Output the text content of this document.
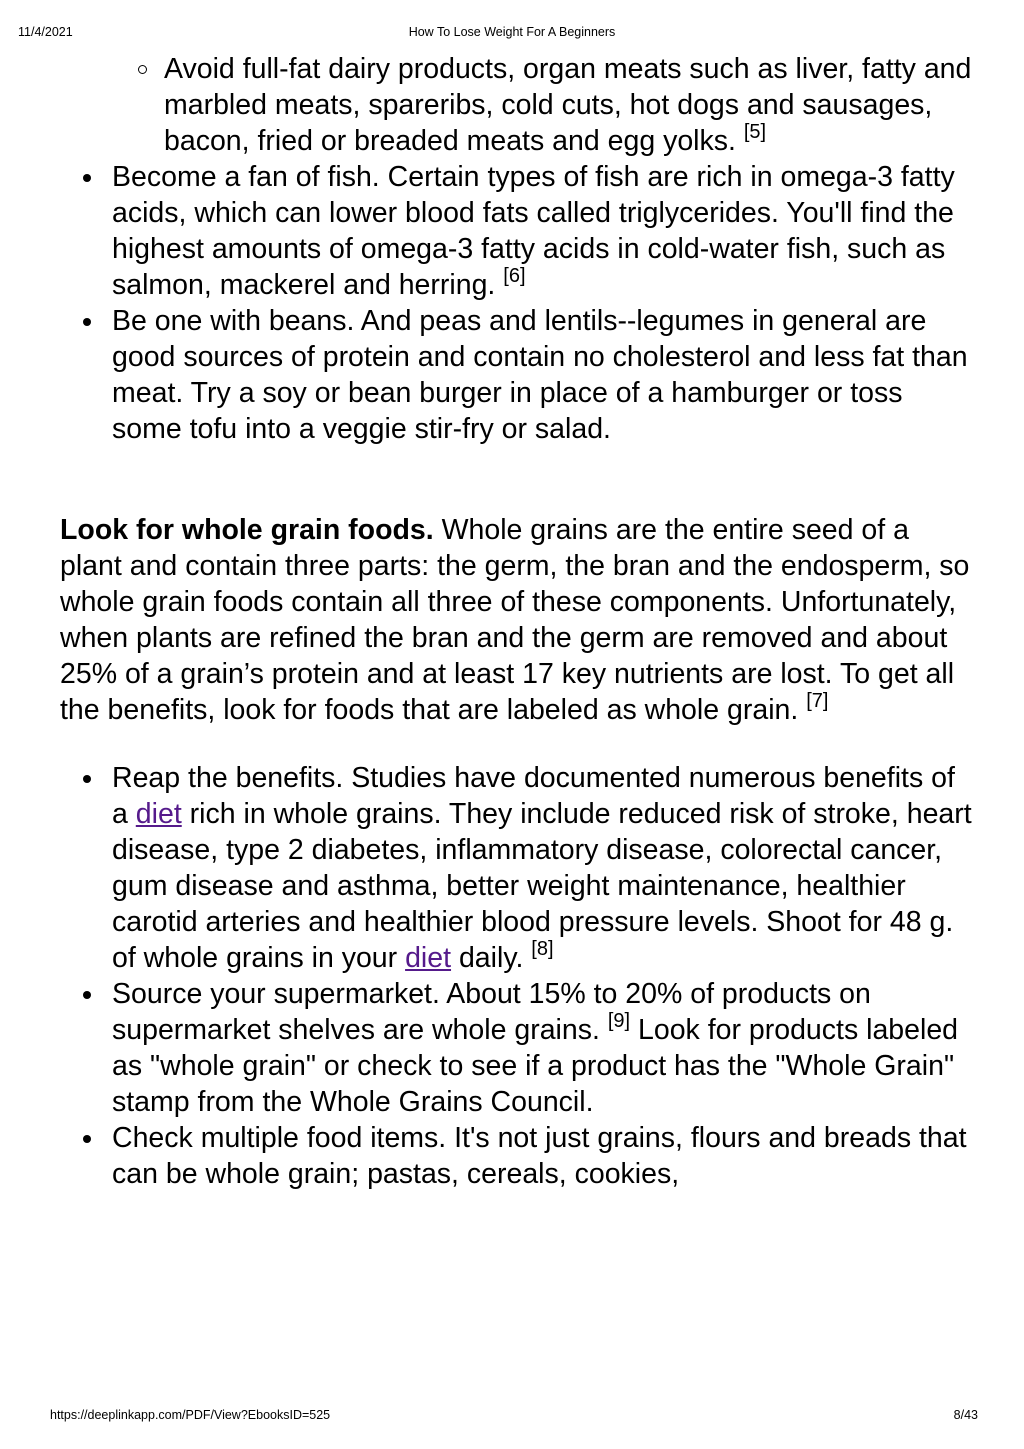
11/4/2021	How To Lose Weight For A Beginners
Avoid full-fat dairy products, organ meats such as liver, fatty and marbled meats, spareribs, cold cuts, hot dogs and sausages, bacon, fried or breaded meats and egg yolks. [5]
Become a fan of fish. Certain types of fish are rich in omega-3 fatty acids, which can lower blood fats called triglycerides. You'll find the highest amounts of omega-3 fatty acids in cold-water fish, such as salmon, mackerel and herring. [6]
Be one with beans. And peas and lentils--legumes in general are good sources of protein and contain no cholesterol and less fat than meat. Try a soy or bean burger in place of a hamburger or toss some tofu into a veggie stir-fry or salad.

Look for whole grain foods. Whole grains are the entire seed of a plant and contain three parts: the germ, the bran and the endosperm, so whole grain foods contain all three of these components. Unfortunately, when plants are refined the bran and the germ are removed and about 25% of a grain’s protein and at least 17 key nutrients are lost. To get all the benefits, look for foods that are labeled as whole grain. [7]

Reap the benefits. Studies have documented numerous benefits of a diet rich in whole grains. They include reduced risk of stroke, heart disease, type 2 diabetes, inflammatory disease, colorectal cancer, gum disease and asthma, better weight maintenance, healthier carotid arteries and healthier blood pressure levels. Shoot for 48 g. of whole grains in your diet daily. [8]
Source your supermarket. About 15% to 20% of products on supermarket shelves are whole grains. [9] Look for products labeled as "whole grain" or check to see if a product has the "Whole Grain" stamp from the Whole Grains Council.
Check multiple food items. It's not just grains, flours and breads that can be whole grain; pastas, cereals, cookies,
https://deeplinkapp.com/PDF/View?EbooksID=525	8/43
